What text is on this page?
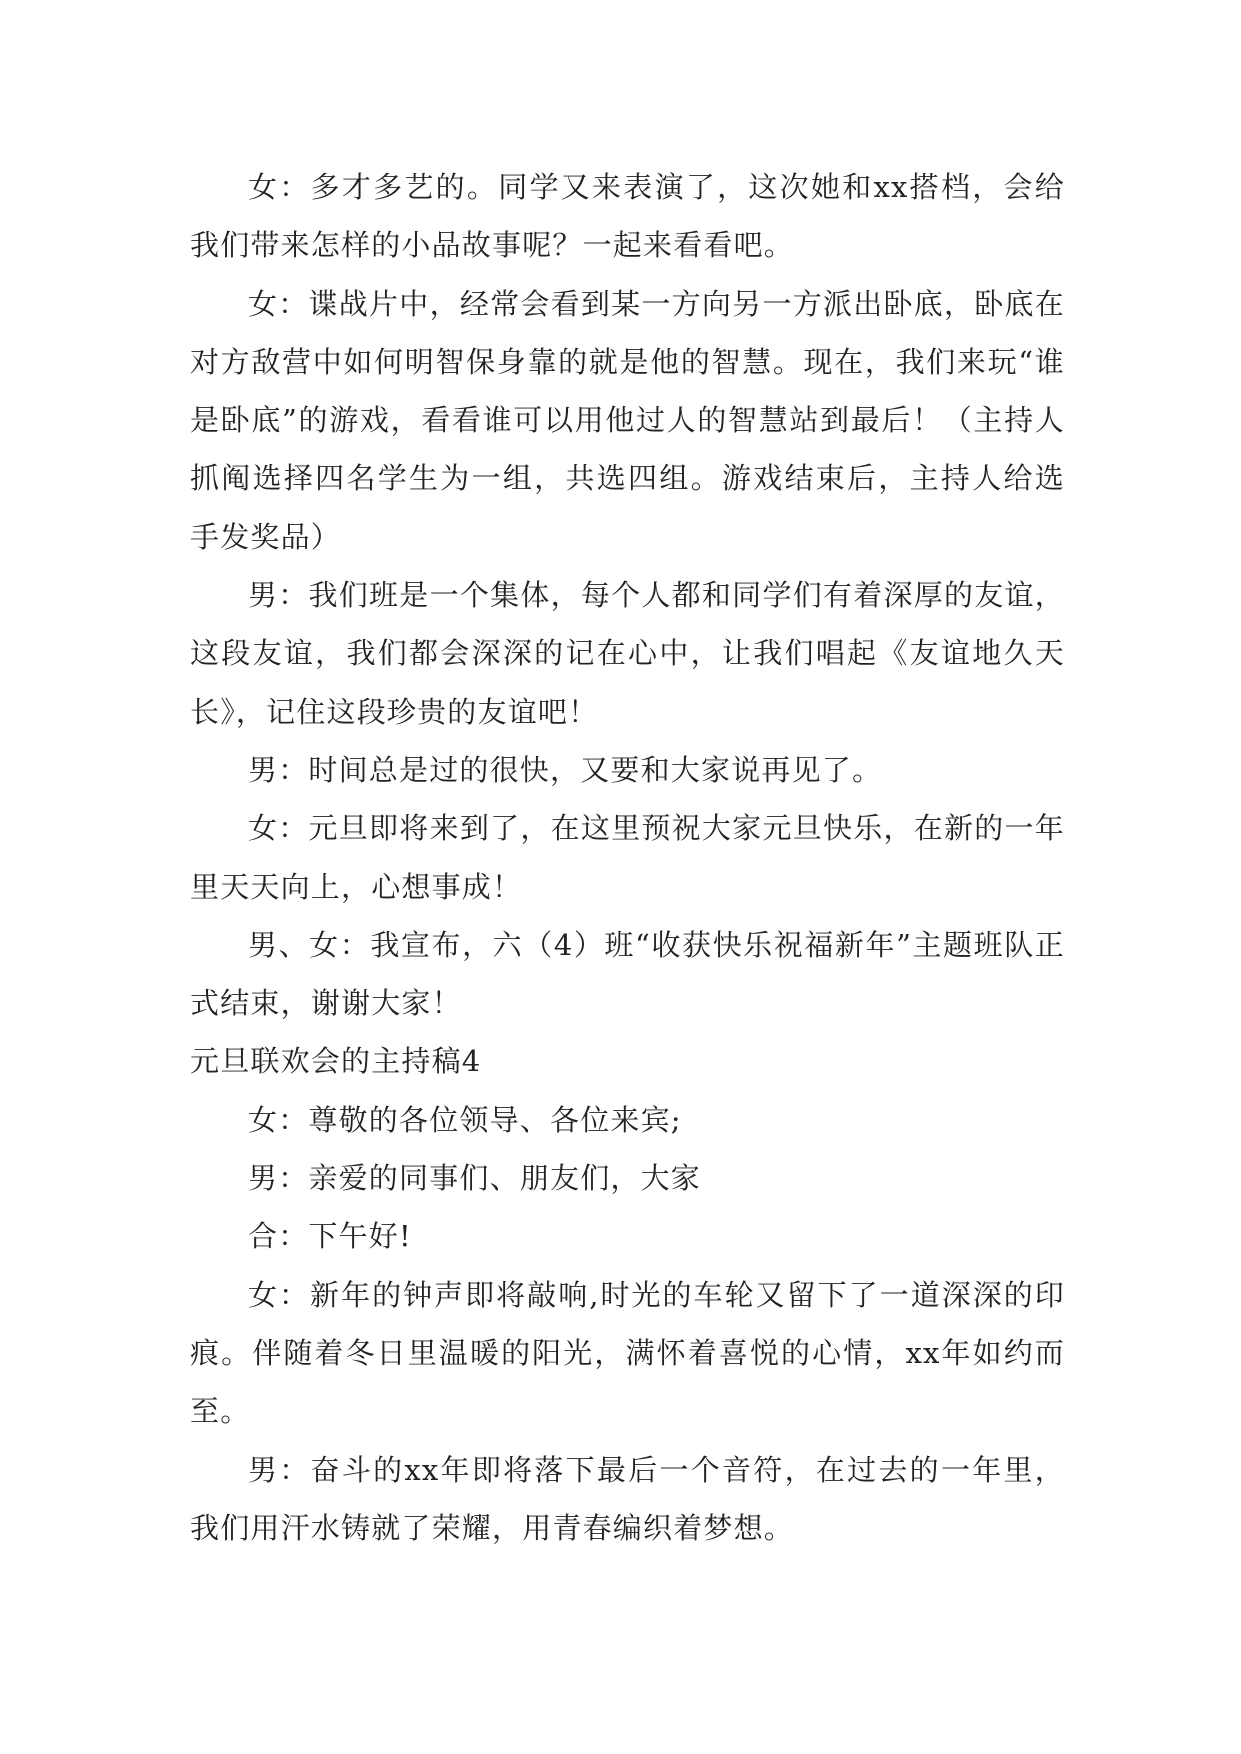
女：多才多艺的。同学又来表演了，这次她和xx搭档，会给我们带来怎样的小品故事呢？一起来看看吧。

女：谍战片中，经常会看到某一方向另一方派出卧底，卧底在对方敌营中如何明智保身靠的就是他的智慧。现在，我们来玩“谁是卧底”的游戏，看看谁可以用他过人的智慧站到最后！（主持人抓阄选择四名学生为一组，共选四组。游戏结束后，主持人给选手发奖品）

男：我们班是一个集体，每个人都和同学们有着深厚的友谊，这段友谊，我们都会深深的记在心中，让我们唱起《友谊地久天长》，记住这段珍贵的友谊吧！

男：时间总是过的很快，又要和大家说再见了。

女：元旦即将来到了，在这里预祝大家元旦快乐，在新的一年里天天向上，心想事成！

男、女：我宣布，六（4）班“收获快乐祝福新年”主题班队正式结束，谢谢大家！

元旦联欢会的主持稿4

女：尊敬的各位领导、各位来宾;

男：亲爱的同事们、朋友们，大家

合：下午好!

女：新年的钟声即将敲响,时光的车轮又留下了一道深深的印痕。伴随着冬日里温暖的阳光，满怀着喜悦的心情，xx年如约而至。

男：奋斗的xx年即将落下最后一个音符，在过去的一年里，我们用汗水铸就了荣耀，用青春编织着梦想。
